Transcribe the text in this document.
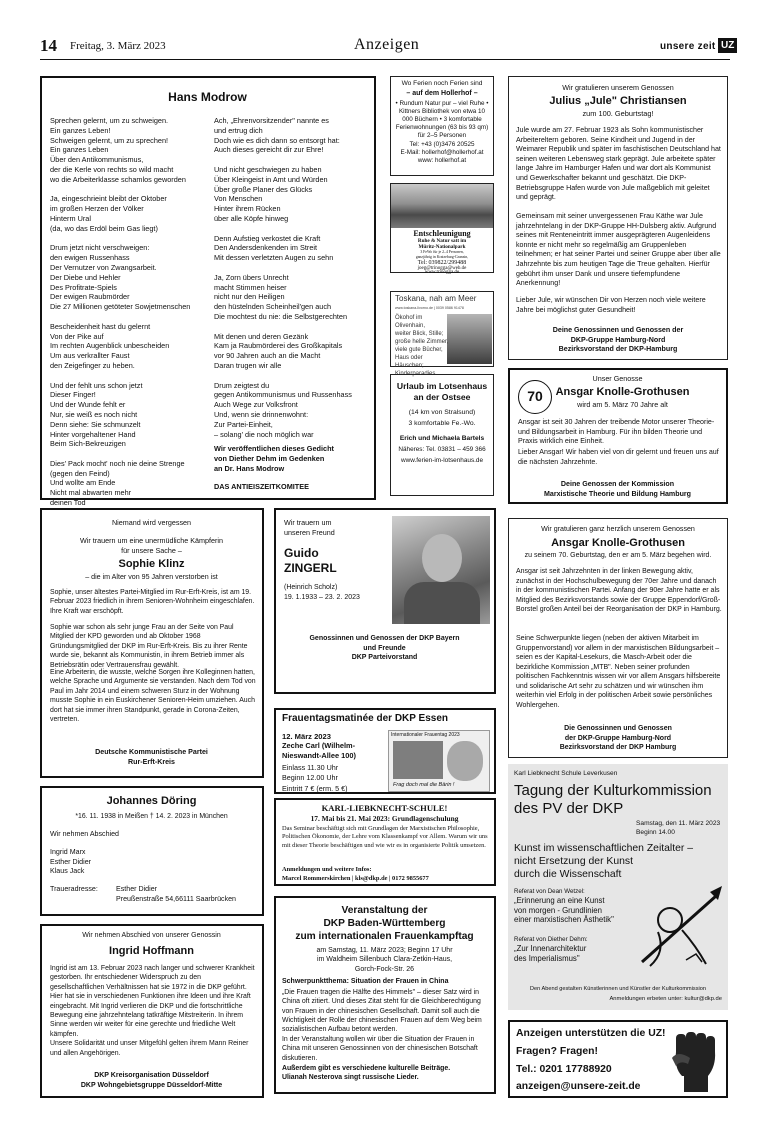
14 Freitag, 3. März 2023	Anzeigen	unsere zeit UZ
Hans Modrow
Sprechen gelernt, um zu schweigen.
Ein ganzes Leben!
Schweigen gelernt, um zu sprechen!
Ein ganzes Leben
Über den Antikommunismus,
der die Kerle von rechts so wild macht
wo die Arbeiterklasse schamlos geworden

Ja, eingeschrieint bleibt der Oktober
im großen Herzen der Völker
Hinterm Ural
(da, wo das Erdöl beim Gas liegt)

Drum jetzt nicht verschweigen:
den ewigen Russenhass
Der Vernutzer von Zwangsarbeit.
Der Diebe und Hehler
Des Profitrate-Spiels
Der ewigen Raubmörder
Die 27 Millionen getöteter Sowjetmenschen

Bescheidenheit hast du gelernt
Von der Pike auf
Im rechten Augenblick unbescheiden
Um aus verkrallter Faust
den Zeigefinger zu heben.

Und der fehlt uns schon jetzt
Dieser Finger!
Und der Wunde fehlt er
Nur, sie weiß es noch nicht
Denn siehe: Sie schmunzelt
Hinter vorgehaltener Hand
Beim Sich-Bekreuzigen

Dies' Pack mocht' noch nie deine Strenge
(gegen den Feind)
Und wollte am Ende
Nicht mal abwarten mehr
deinen Tod
Ach, „Ehrenvorsitzender" nannte es
und ertrug dich
Doch wie es dich dann so entsorgt hat:
Auch dieses gereicht dir zur Ehre!

Und nicht geschwiegen zu haben
Über Kleingeist in Amt und Würden
Über große Planer des Glücks
Von Menschen
Hinter ihrem Rücken
über alle Köpfe hinweg

Denn Aufstieg verkostet die Kraft
Den Andersdenkenden im Streit
Mit dessen verletzten Augen zu sehn

Ja, Zorn übers Unrecht
macht Stimmen heiser
nicht nur den Heiligen
den hüstelnden Scheinheil'gen auch
Die mochtest du nie: die Selbstgerechten

Mit denen und deren Gezänk
Kam ja Raubmörderei des Großkapitals
vor 90 Jahren auch an die Macht
Daran trugen wir alle

Drum zeigtest du
gegen Antikommunismus und Russenhass
Auch Wege zur Volksfront
Und, wenn sie drinnenwohnt:
Zur Partei-Einheit,
– solang' die noch möglich war
Wir veröffentlichen dieses Gedicht
von Diether Dehm im Gedenken
an Dr. Hans Modrow
DAS ANTIEISZEITKOMITEE
Wo Ferien noch Ferien sind
– auf dem Hollerhof –
• Rundum Natur pur – viel Ruhe • Kittners Bibliothek von etwa 10 000 Büchern • 3 komfortable Ferienwohnungen (63 bis 93 qm) für 2–5 Personen
Tel: +43 (0)3476 20525
E-Mail: hollerhof@hollerhof.at
www: hollerhof.at
Entschleunigung
Ruhe & Natur satt im
Müritz-Nationalpark
3 FeWo für je 2–4 Personen,
ganzjährig in Kratzeburg-Granzin,
Tel: 039822/299488
joeg@trinogga@web.de
www.trinogga.de
Toskana, nah am Meer
www.toskana-livorno.de | 0039 0586 91478
Ökohof im Olivenhain,
weiter Blick, Stille;
große helle Zimmer,
viele gute Bücher,
Haus oder Häuschen;
Kinderparadies.
Urlaub im Lotsenhaus
an der Ostsee
(14 km von Stralsund)
3 komfortable Fe.-Wo.
Erich und Michaela Bartels
Näheres: Tel. 03831 – 459 366
www.ferien-im-lotsenhaus.de
Wir gratulieren unserem Genossen
Julius „Jule" Christiansen
zum 100. Geburtstag!
Jule wurde am 27. Februar 1923 als Sohn kommunistischer Arbeitereltern geboren. Seine Kindheit und Jugend in der Weimarer Republik und später im faschistischen Deutschland hat seinen weiteren Lebensweg stark geprägt. Jule arbeitete später lange Jahre im Hamburger Hafen und war dort als Kommunist und Gewerkschafter bekannt und geschätzt. Die DKP-Betriebsgruppe Hafen wurde von Jule maßgeblich mit geleitet und geprägt.
Gemeinsam mit seiner unvergessenen Frau Käthe war Jule jahrzehntelang in der DKP-Gruppe HH-Dulsberg aktiv. Aufgrund seines mit Renteneintritt immer ausgeprägteren Augenleidens konnte er nicht mehr so regelmäßig am Gruppenleben teilnehmen; er hat seiner Partei und seiner Gruppe aber über alle Jahrzehnte bis zum heutigen Tage die Treue gehalten. Hierfür gebührt ihm unser Dank und unsere tiefempfundene Anerkennung!
Lieber Jule, wir wünschen Dir von Herzen noch viele weitere Jahre bei möglichst guter Gesundheit!
Deine Genossinnen und Genossen der
DKP-Gruppe Hamburg-Nord
Bezirksvorstand der DKP-Hamburg
Unser Genosse
Ansgar Knolle-Grothusen
wird am 5. März 70 Jahre alt
70
Ansgar ist seit 30 Jahren der treibende Motor unserer Theorie- und Bildungsarbeit in Hamburg. Für ihn bilden Theorie und Praxis wirklich eine Einheit.
Lieber Ansgar! Wir haben viel von dir gelernt und freuen uns auf die nächsten Jahrzehnte.
Deine Genossen der Kommission
Marxistische Theorie und Bildung Hamburg
Niemand wird vergessen
Wir trauern um eine unermüdliche Kämpferin
für unsere Sache –
Sophie Klinz
– die im Alter von 95 Jahren verstorben ist
Sophie, unser ältestes Partei-Mitglied im Rur-Erft-Kreis, ist am 19. Februar 2023 friedlich in ihrem Senioren-Wohnheim eingeschlafen. Ihre Kraft war erschöpft.
Sophie war schon als sehr junge Frau an der Seite von Paul Mitglied der KPD geworden und ab Oktober 1968 Gründungsmitglied der DKP im Rur-Erft-Kreis. Bis zu ihrer Rente wurde sie, bekannt als Kommunistin, in ihrem Betrieb immer als Betriebsrätin oder Vertrauensfrau gewählt.
Eine Arbeiterin, die wusste, welche Sorgen ihre Kolleginnen hatten, welche Sprache und Argumente sie verstanden. Nach dem Tod von Paul im Jahr 2014 und einem schweren Sturz in der Wohnung musste Sophie in ein Euskirchener Senioren-Heim umziehen. Auch dort hat sie immer ihren Standpunkt, gerade in Corona-Zeiten, vertreten.
Deutsche Kommunistische Partei
Rur-Erft-Kreis
Wir trauern um
unseren Freund
Guido
ZINGERL
(Heinrich Scholz)
19. 1.1933 – 23. 2. 2023
Genossinnen und Genossen der DKP Bayern
und Freunde
DKP Parteivorstand
Frauentagsmatinée der DKP Essen
12. März 2023
Zeche Carl (Wilhelm-Nieswandt-Allee 100)
Einlass 11.30 Uhr
Beginn 12.00 Uhr
Eintritt 7 € (erm. 5 €)
Internationaler Frauentag 2023
Frag doch mal die Bärin !
Johannes Döring
*16. 11. 1938 in Meißen † 14. 2. 2023 in München
Wir nehmen Abschied
Ingrid Marx
Esther Didier
Klaus Jack
Traueradresse:	Esther Didier
Preußenstraße 54,66111 Saarbrücken
KARL-LIEBKNECHT-SCHULE!
17. Mai bis 21. Mai 2023: Grundlagenschulung
Das Seminar beschäftigt sich mit Grundlagen der Marxistischen Philosophie, Politischen Ökonomie, der Lehre vom Klassenkampf vor Allem. Warum wir uns mit dieser Theorie beschäftigen und wie wir es in organisierte Politik umsetzen.
Anmeldungen und weitere Infos:
Marcel Rommerskirchen | kls@dkp.de | 0172 9855677
Wir gratulieren ganz herzlich unserem Genossen
Ansgar Knolle-Grothusen
zu seinem 70. Geburtstag, den er am 5. März begehen wird.
Ansgar ist seit Jahrzehnten in der linken Bewegung aktiv, zunächst in der Hochschulbewegung der 70er Jahre und danach in der kommunistischen Partei. Anfang der 90er Jahre hatte er als Mitglied des Bezirksvorstands sowie der Gruppe Eppendorf/Groß-Borstel großen Anteil bei der Reorganisation der DKP in Hamburg.
Seine Schwerpunkte liegen (neben der aktiven Mitarbeit im Gruppenvorstand) vor allem in der marxistischen Bildungsarbeit – seien es der Kapital-Lesekurs, die Masch-Arbeit oder die bezirkliche Kommission „MTB". Neben seiner profunden politischen Fachkenntnis wissen wir vor allem Ansgars hilfsbereite und solidarische Art sehr zu schätzen und wir wünschen ihm weiterhin viel Erfolg in der politischen Arbeit sowie persönliches Wohlergehen.
Die Genossinnen und Genossen
der DKP-Gruppe Hamburg-Nord
Bezirksvorstand der DKP Hamburg
Karl Liebknecht Schule Leverkusen
Tagung der Kulturkommission
des PV der DKP
Samstag, den 11. März 2023
Beginn 14.00
Kunst im wissenschaftlichen Zeitalter –
nicht Ersetzung der Kunst
durch die Wissenschaft
Referat von Dean Wetzel:
„Erinnerung an eine Kunst
von morgen - Grundlinien
einer marxistischen Ästhetik"
Referat von Diether Dehm:
„Zur Innenarchitektur
des Imperialismus"
Den Abend gestalten Künstlerinnen und Künstler der Kulturkommission
Anmeldungen erbeten unter: kultur@dkp.de
Wir nehmen Abschied von unserer Genossin
Ingrid Hoffmann
Ingrid ist am 13. Februar 2023 nach langer und schwerer Krankheit gestorben. Ihr entschiedener Widerspruch zu den gesellschaftlichen Verhältnissen hat sie 1972 in die DKP geführt. Hier hat sie in verschiedenen Funktionen ihre Ideen und ihre Kraft eingebracht. Mit Ingrid verlieren die DKP und die fortschrittliche Bewegung eine jahrzehntelang tatkräftige Mitstreiterin. In ihrem Sinne werden wir weiter für eine gerechte und friedliche Welt kämpfen.
Unsere Solidarität und unser Mitgefühl gelten ihrem Mann Reiner und allen Angehörigen.
DKP Kreisorganisation Düsseldorf
DKP Wohngebietsgruppe Düsseldorf-Mitte
Veranstaltung der
DKP Baden-Württemberg
zum internationalen Frauenkampftag
am Samstag, 11. März 2023; Beginn 17 Uhr
im Waldheim Sillenbuch Clara-Zetkin-Haus,
Gorch-Fock-Str. 26
Schwerpunktthema: Situation der Frauen in China
„Die Frauen tragen die Hälfte des Himmels" – dieser Satz wird in China oft zitiert. Und dieses Zitat steht für die Gleichberechtigung von Frauen in der chinesischen Gesellschaft. Damit soll auch die Wichtigkeit der Rolle der chinesischen Frauen auf dem Weg beim sozialistischen Aufbau betont werden.
In der Veranstaltung wollen wir über die Situation der Frauen in China mit unseren Genossinnen von der chinesischen Botschaft diskutieren.
Außerdem gibt es verschiedene kulturelle Beiträge.
Ulianah Nesterova singt russische Lieder.
Anzeigen unterstützen die UZ!
Fragen? Fragen!
Tel.: 0201 17788920
anzeigen@unsere-zeit.de
